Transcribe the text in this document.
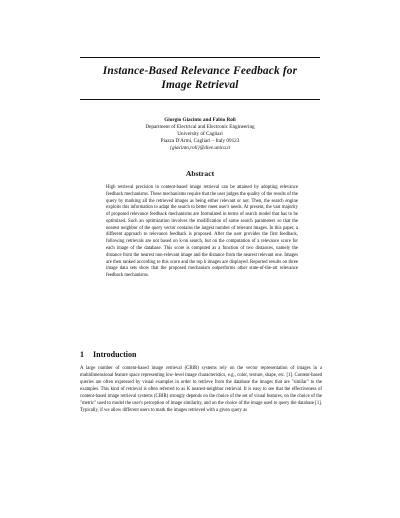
Instance-Based Relevance Feedback for
Image Retrieval
Giorgio Giacinto and Fabio Roli
Department of Electrical and Electronic Engineering
University of Cagliari
Piazza D'Armi, Cagliari – Italy 09123
{giacinto,roli}@diee.unica.it
Abstract
High retrieval precision in content-based image retrieval can be attained by adopting relevance feedback mechanisms. These mechanisms require that the user judges the quality of the results of the query by marking all the retrieved images as being either relevant or not. Then, the search engine exploits this information to adapt the search to better meet user's needs. At present, the vast majority of proposed relevance feedback mechanisms are formulated in terms of search model that has to be optimized. Such an optimization involves the modification of some search parameters so that the nearest neighbor of the query vector contains the largest number of relevant images. In this paper, a different approach to relevance feedback is proposed. After the user provides the first feedback, following retrievals are not based on k-nn search, but on the computation of a relevance score for each image of the database. This score is computed as a function of two distances, namely the distance from the nearest non-relevant image and the distance from the nearest relevant one. Images are then ranked according to this score and the top k images are displayed. Reported results on three image data sets show that the proposed mechanism outperforms other state-of-the-art relevance feedback mechanisms.
1 Introduction

A large number of content-based image retrieval (CBIR) systems rely on the vector representation of images in a multidimensional feature space representing low-level image characteristics, e.g., color, texture, shape, etc. [1]. Content-based queries are often expressed by visual examples in order to retrieve from the database the images that are "similar" to the examples. This kind of retrieval is often referred to as K nearest-neighbor retrieval. It is easy to see that the effectiveness of content-based image retrieval systems (CBIR) strongly depends on the choice of the set of visual features, on the choice of the "metric" used to model the user's perception of image similarity, and on the choice of the image used to query the database [1]. Typically, if we allow different users to mark the images retrieved with a given query as
